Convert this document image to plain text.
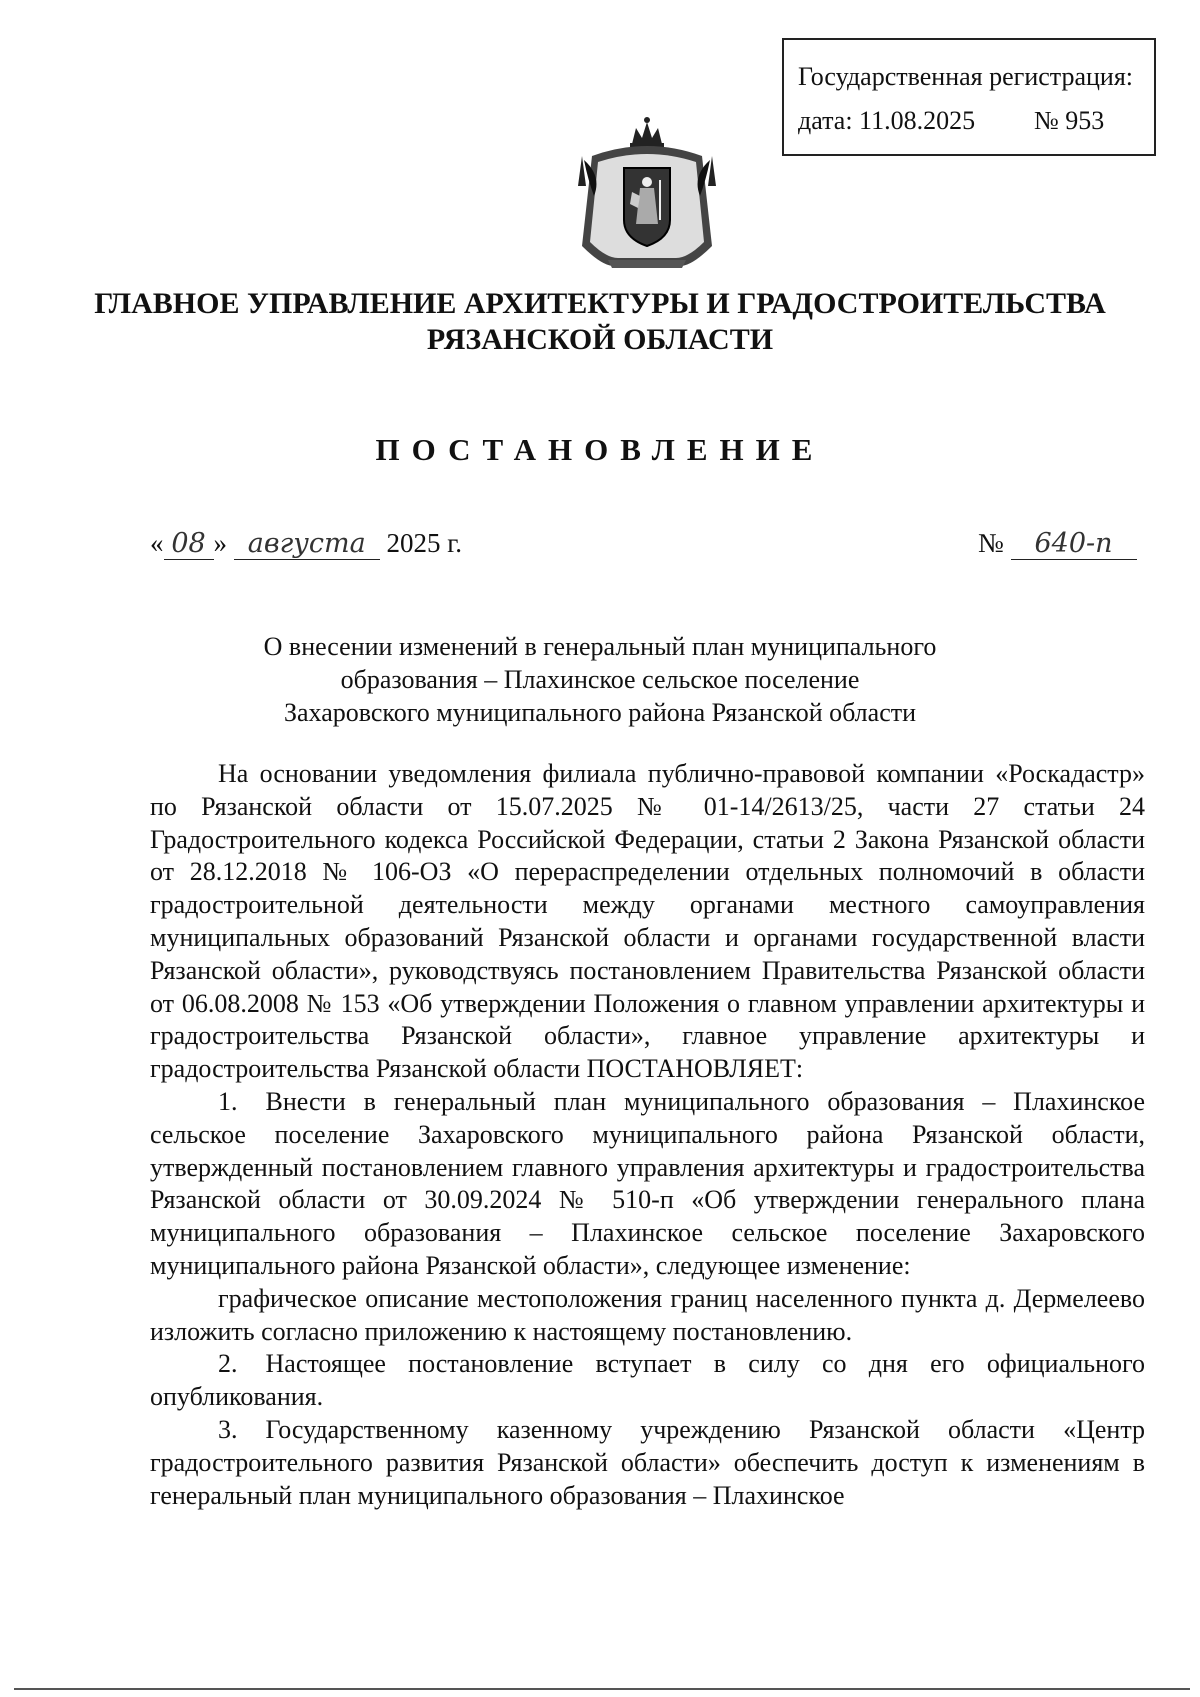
Государственная регистрация:
дата: 11.08.2025 № 953
ГЛАВНОЕ УПРАВЛЕНИЕ АРХИТЕКТУРЫ И ГРАДОСТРОИТЕЛЬСТВА
РЯЗАНСКОЙ ОБЛАСТИ
ПОСТАНОВЛЕНИЕ
« 08 » августа 2025 г.	№ 640-п
О внесении изменений в генеральный план муниципального
образования – Плахинское сельское поселение
Захаровского муниципального района Рязанской области

На основании уведомления филиала публично-правовой компании «Роскадастр» по Рязанской области от 15.07.2025 № 01-14/2613/25, части 27 статьи 24 Градостроительного кодекса Российской Федерации, статьи 2 Закона Рязанской области от 28.12.2018 № 106-ОЗ «О перераспределении отдельных полномочий в области градостроительной деятельности между органами местного самоуправления муниципальных образований Рязанской области и органами государственной власти Рязанской области», руководствуясь постановлением Правительства Рязанской области от 06.08.2008 № 153 «Об утверждении Положения о главном управлении архитектуры и градостроительства Рязанской области», главное управление архитектуры и градостроительства Рязанской области ПОСТАНОВЛЯЕТ:

1. Внести в генеральный план муниципального образования – Плахинское сельское поселение Захаровского муниципального района Рязанской области, утвержденный постановлением главного управления архитектуры и градостроительства Рязанской области от 30.09.2024 № 510-п «Об утверждении генерального плана муниципального образования – Плахинское сельское поселение Захаровского муниципального района Рязанской области», следующее изменение:

графическое описание местоположения границ населенного пункта д. Дермелеево изложить согласно приложению к настоящему постановлению.

2. Настоящее постановление вступает в силу со дня его официального опубликования.

3. Государственному казенному учреждению Рязанской области «Центр градостроительного развития Рязанской области» обеспечить доступ к изменениям в генеральный план муниципального образования – Плахинское
